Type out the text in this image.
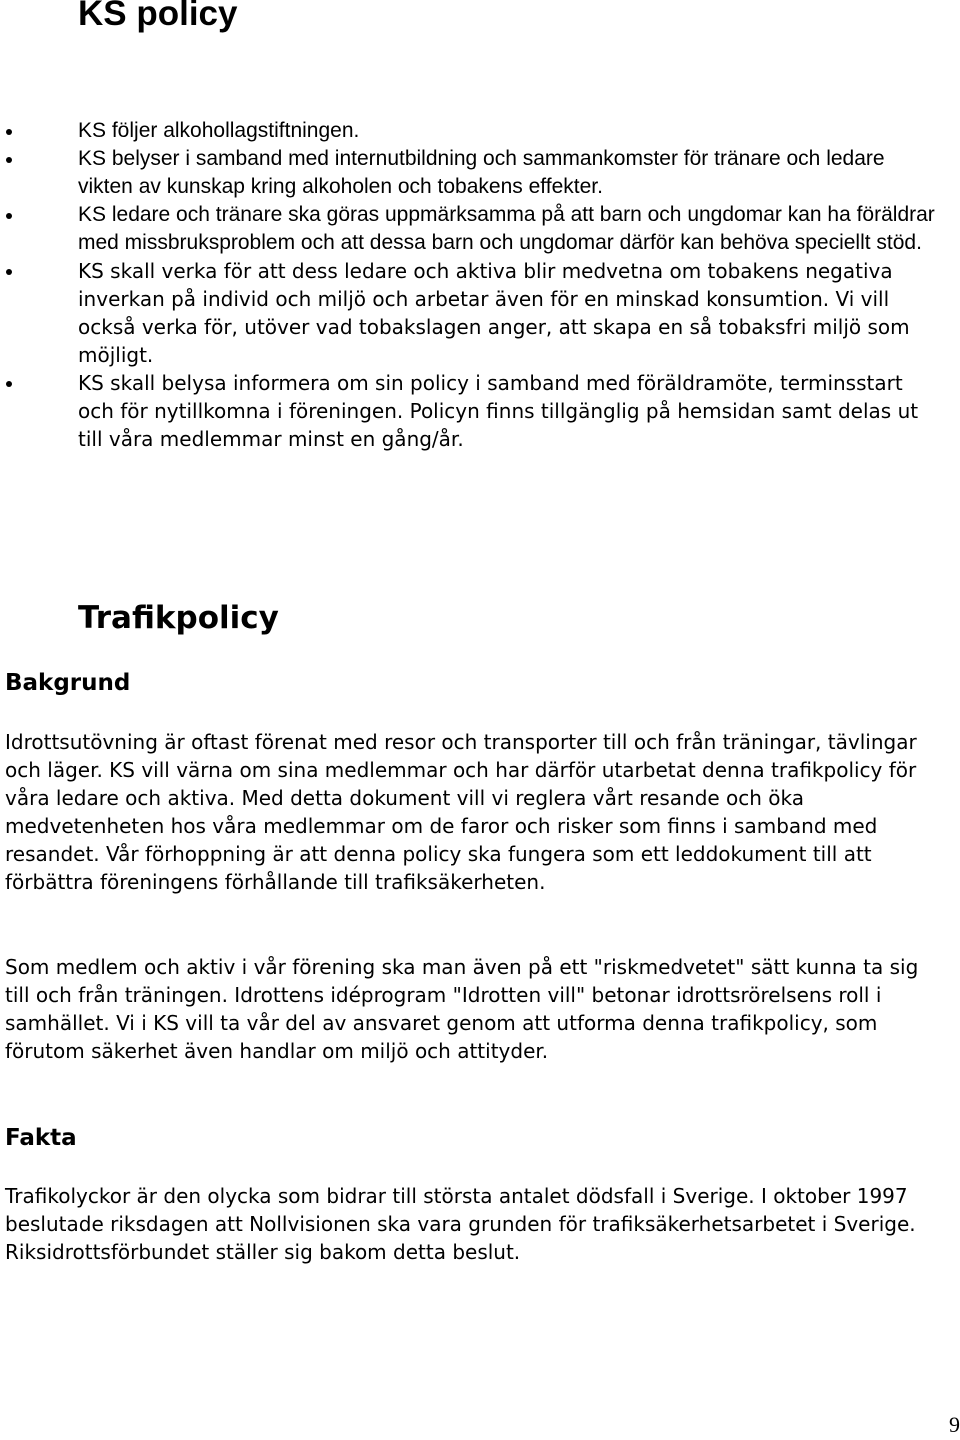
KS policy
KS följer alkohollagstiftningen.
KS belyser i samband med internutbildning och sammankomster för tränare och ledare vikten av kunskap kring alkoholen och tobakens effekter.
KS ledare och tränare ska göras uppmärksamma på att barn och ungdomar kan ha föräldrar med missbruksproblem och att dessa barn och ungdomar därför kan behöva speciellt stöd.
KS skall verka för att dess ledare och aktiva blir medvetna om tobakens negativa inverkan på individ och miljö och arbetar även för en minskad konsumtion. Vi vill också verka för, utöver vad tobakslagen anger, att skapa en så tobaksfri miljö som möjligt.
KS skall belysa informera om sin policy i samband med föräldramöte, terminsstart och för nytillkomna i föreningen. Policyn finns tillgänglig på hemsidan samt delas ut till våra medlemmar minst en gång/år.
Trafikpolicy
Bakgrund

Idrottsutövning är oftast förenat med resor och transporter till och från träningar, tävlingar och läger. KS vill värna om sina medlemmar och har därför utarbetat denna trafikpolicy för våra ledare och aktiva. Med detta dokument vill vi reglera vårt resande och öka medvetenheten hos våra medlemmar om de faror och risker som finns i samband med resandet. Vår förhoppning är att denna policy ska fungera som ett leddokument till att förbättra föreningens förhållande till trafiksäkerheten.

Som medlem och aktiv i vår förening ska man även på ett "riskmedvetet" sätt kunna ta sig till och från träningen. Idrottens idéprogram "Idrotten vill" betonar idrottsrörelsens roll i samhället. Vi i KS vill ta vår del av ansvaret genom att utforma denna trafikpolicy, som förutom säkerhet även handlar om miljö och attityder.

Fakta

Trafikolyckor är den olycka som bidrar till största antalet dödsfall i Sverige. I oktober 1997 beslutade riksdagen att Nollvisionen ska vara grunden för trafiksäkerhetsarbetet i Sverige. Riksidrottsförbundet ställer sig bakom detta beslut.

9
